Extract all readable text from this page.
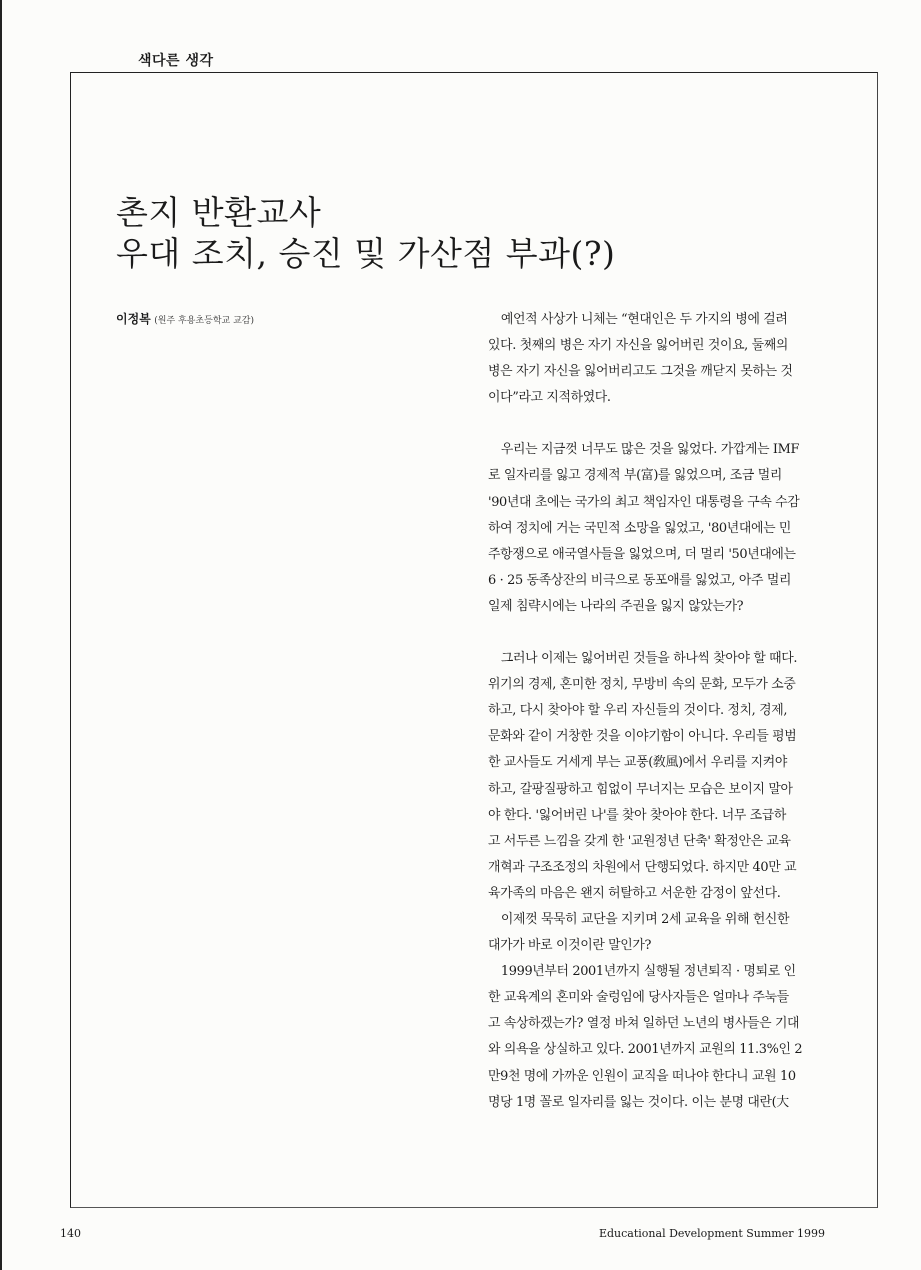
색다른 생각
촌지 반환교사
우대 조치, 승진 및 가산점 부과(?)
이정복 (원주 후용초등학교 교감)	예언적 사상가 니체는 “현대인은 두 가지의 병에 걸려
있다. 첫째의 병은 자기 자신을 잃어버린 것이요, 둘째의
병은 자기 자신을 잃어버리고도 그것을 깨닫지 못하는 것
이다”라고 지적하였다.

우리는 지금껏 너무도 많은 것을 잃었다. 가깝게는 IMF
로 일자리를 잃고 경제적 부(富)를 잃었으며, 조금 멀리
'90년대 초에는 국가의 최고 책임자인 대통령을 구속 수감
하여 정치에 거는 국민적 소망을 잃었고, '80년대에는 민
주항쟁으로 애국열사들을 잃었으며, 더 멀리 '50년대에는
6 · 25 동족상잔의 비극으로 동포애를 잃었고, 아주 멀리
일제 침략시에는 나라의 주권을 잃지 않았는가?

그러나 이제는 잃어버린 것들을 하나씩 찾아야 할 때다.
위기의 경제, 혼미한 정치, 무방비 속의 문화, 모두가 소중
하고, 다시 찾아야 할 우리 자신들의 것이다. 정치, 경제,
문화와 같이 거창한 것을 이야기함이 아니다. 우리들 평범
한 교사들도 거세게 부는 교풍(敎風)에서 우리를 지켜야
하고, 갈팡질팡하고 힘없이 무너지는 모습은 보이지 말아
야 한다. '잃어버린 나'를 찾아 찾아야 한다. 너무 조급하
고 서두른 느낌을 갖게 한 '교원정년 단축' 확정안은 교육
개혁과 구조조정의 차원에서 단행되었다. 하지만 40만 교
육가족의 마음은 왠지 허탈하고 서운한 감정이 앞선다.

이제껏 묵묵히 교단을 지키며 2세 교육을 위해 헌신한
대가가 바로 이것이란 말인가?

1999년부터 2001년까지 실행될 정년퇴직 · 명퇴로 인
한 교육계의 혼미와 술렁임에 당사자들은 얼마나 주눅들
고 속상하겠는가? 열정 바쳐 일하던 노년의 병사들은 기대
와 의욕을 상실하고 있다. 2001년까지 교원의 11.3%인 2
만9천 명에 가까운 인원이 교직을 떠나야 한다니 교원 10
명당 1명 꼴로 일자리를 잃는 것이다. 이는 분명 대란(大

140	Educational Development Summer 1999
